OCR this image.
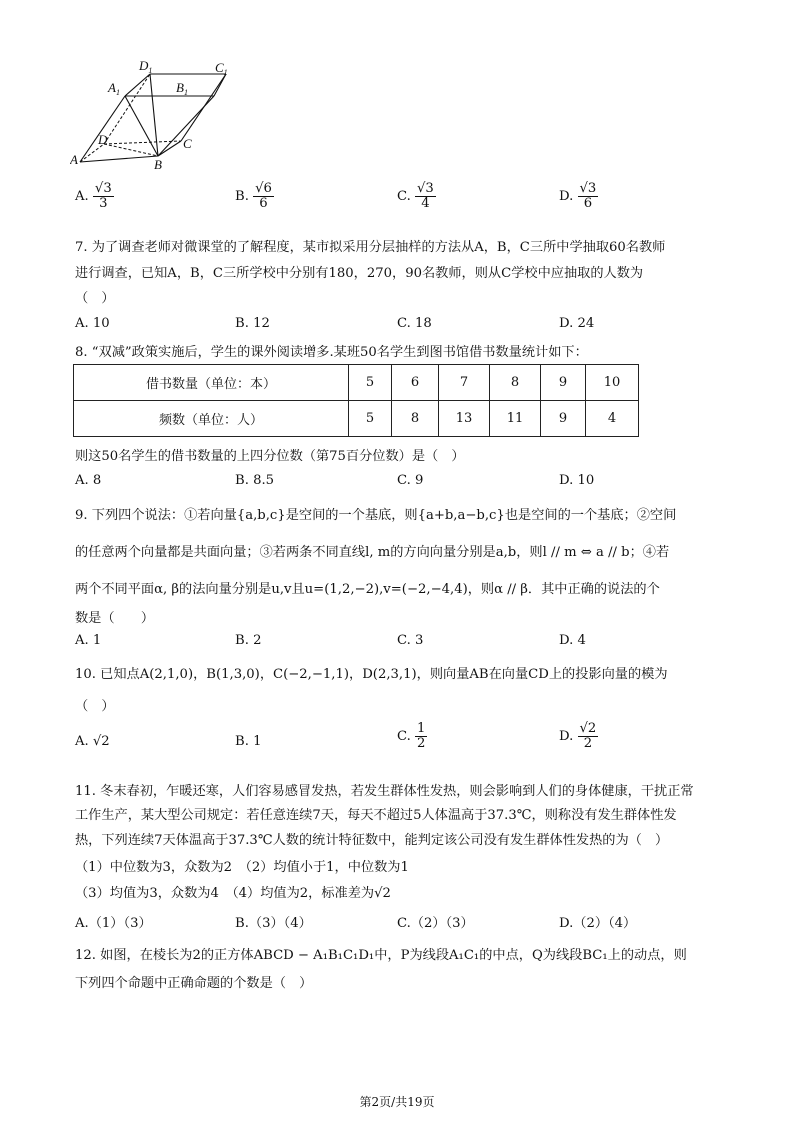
$D_1$	$C_1$
$A_1$	$B_1$
A	B
C
D
A. $\frac{√3}{3}$	B. $\frac{√6}{6}$	C. $\frac{√3}{4}$	D. $\frac{√3}{6}$
7. 为了调查老师对微课堂的了解程度，某市拟采用分层抽样的方法从A，B，C三所中学抽取60名教师
进行调查，已知A，B，C三所学校中分别有180，270，90名教师，则从C学校中应抽取的人数为
（　）
A. 10	B. 12	C. 18	D. 24
8. “双减”政策实施后，学生的课外阅读增多.某班50名学生到图书馆借书数量统计如下：
借书数量（单位：本）	5	6	7	8	9	10
频数（单位：人）	5	8	13	11	9	4
则这50名学生的借书数量的上四分位数（第75百分位数）是（　）
A. 8	B. 8.5	C. 9	D. 10
9. 下列四个说法：①若向量{a,b,c}是空间的一个基底，则{a+b,a−b,c}也是空间的一个基底；②空间
的任意两个向量都是共面向量；③若两条不同直线l, m的方向向量分别是a,b，则l // m ⇔ a // b；④若
两个不同平面α, β的法向量分别是u,v且u=(1,2,−2),v=(−2,−4,4)，则α // β．其中正确的说法的个
数是（　　）
A. 1	B. 2	C. 3	D. 4
10. 已知点A(2,1,0)，B(1,3,0)，C(−2,−1,1)，D(2,3,1)，则向量AB在向量CD上的投影向量的模为
（　）
A. √2	B. 1	C. $\frac{1}{2}$	D. $\frac{√2}{2}$
11. 冬末春初，乍暖还寒，人们容易感冒发热，若发生群体性发热，则会影响到人们的身体健康，干扰正常
工作生产，某大型公司规定：若任意连续7天，每天不超过5人体温高于37.3℃，则称没有发生群体性发
热，下列连续7天体温高于37.3℃人数的统计特征数中，能判定该公司没有发生群体性发热的为（　）
（1）中位数为3，众数为2　（2）均值小于1，中位数为1
（3）均值为3，众数为4　（4）均值为2，标准差为√2
A.（1）（3）	B.（3）（4）	C.（2）（3）	D.（2）（4）
12. 如图，在棱长为2的正方体ABCD − A₁B₁C₁D₁中，P为线段A₁C₁的中点，Q为线段BC₁上的动点，则
下列四个命题中正确命题的个数是（　）
第2页/共19页
